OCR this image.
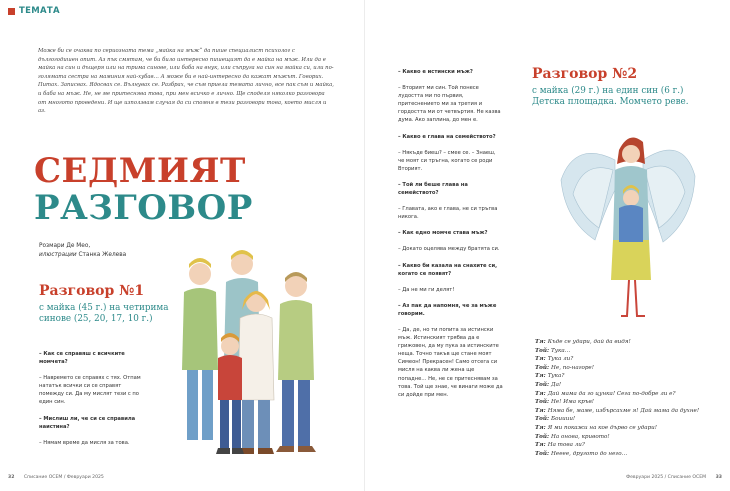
ТЕМАТА

Може би се очаква по сериозната тема „майка на мъж“ да пише специалист психолог с дългогодишен опит. Аз пък смятам, че би било интересно пишещият да е майка на мъж. Или да е майка на син и дъщеря или на трима синове, или баба на внук, или съпруга на син на майка си, или по-голямата сестра на маминия най-хубав… А може би е най-интересно да кажат мъжът. Говорих. Питах. Записвах. Ядосвах се. Вълнувах се. Разбрах, че съм приела темата лично, все пак съм и майка, и баба на мъж. Не, не ме притеснява това, при мен всичко е лично. Ще споделя няколко разговора от многото проведени. И ще използвам случая да си спомня в тези разговори това, което мисля и аз.

СЕДМИЯТ
РАЗГОВОР
Розмари Де Мео,
илюстрации Станка Желева
Разговор №1
с майка (45 г.) на четирима синове (25, 20, 17, 10 г.)

– Как се справяш с всичките момчета?

– Навремето се справях с тях. Отпам нататък всички си се справят помежду си. Да му мислят тези с по един син.

– Мислиш ли, че си се справила наистина?

– Нямам време да мисля за това.

32 Списание ОСЕМ / Февруари 2025

– Какво е истински мъж?

– Вторият ми син. Той понесе лудостта ми по първия, притеснението ми за третия и гордостта ми от четвъртия. Не казва дума. Ако заплина, до мен е.

– Какво е глава на семейството?

– Някъде биеш? – смее се. – Знаеш, че моят си тръгна, когато се роди Вторият.

– Той ли беше глава на семейството?

– Главата, ако е глава, не си тръгва никога.

– Как едно момче става мъж?

– Докато оцелява между братята си.

– Какво би казала на снахите си, когато се появят?

– Да не ми ги делят!

– Аз пак да напомня, че за мъже говорим.

– Да, де, но ти попита за истински мъж. Истинският трябва да е грижовен, да му пука за истинските неща. Точно такъв ще стане моят Симеон! Прекрасен! Само отсега си мисля на каква ли жена ще попадне… Не, не се притеснявам за това. Той ще знае, че винаги може да си дойде при мен.

Разговор №2
с майка (29 г.) на един син (6 г.) Детска площадка. Момчето реве.
Тя: Къде се удари, дай да видя!
Той: Тука…
Тя: Тука ли?
Той: Не, по-нагоре!
Тя: Тука?
Той: Да!
Тя: Дай мама да го цунка! Сега по-добре ли е?
Той: Не! Има кръв!
Тя: Няма бе, маме, избърсахме я! Дай мама да духне!
Той: Боииии!
Тя: Я ми покажи на кое дърво се удари!
Той: На онова, кривото!
Тя: На това ли?
Той: Нееее, другото до него…
Февруари 2025 / Списание ОСЕМ 33
